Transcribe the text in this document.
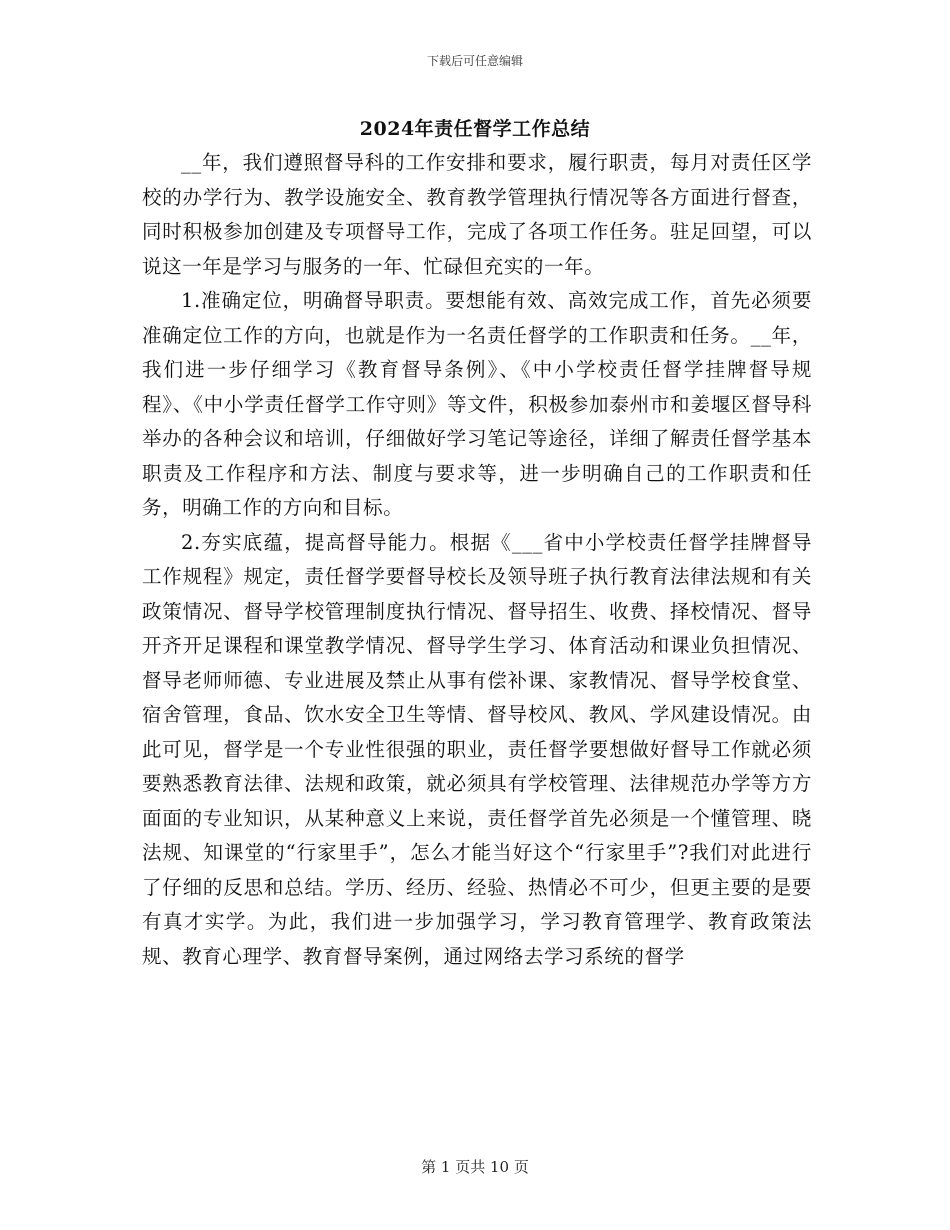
下载后可任意编辑
2024年责任督学工作总结

__年，我们遵照督导科的工作安排和要求，履行职责，每月对责任区学校的办学行为、教学设施安全、教育教学管理执行情况等各方面进行督查，同时积极参加创建及专项督导工作，完成了各项工作任务。驻足回望，可以说这一年是学习与服务的一年、忙碌但充实的一年。

1.准确定位，明确督导职责。要想能有效、高效完成工作，首先必须要准确定位工作的方向，也就是作为一名责任督学的工作职责和任务。__年，我们进一步仔细学习《教育督导条例》、《中小学校责任督学挂牌督导规程》、《中小学责任督学工作守则》等文件，积极参加泰州市和姜堰区督导科举办的各种会议和培训，仔细做好学习笔记等途径，详细了解责任督学基本职责及工作程序和方法、制度与要求等，进一步明确自己的工作职责和任务，明确工作的方向和目标。

2.夯实底蕴，提高督导能力。根据《___省中小学校责任督学挂牌督导工作规程》规定，责任督学要督导校长及领导班子执行教育法律法规和有关政策情况、督导学校管理制度执行情况、督导招生、收费、择校情况、督导开齐开足课程和课堂教学情况、督导学生学习、体育活动和课业负担情况、督导老师师德、专业进展及禁止从事有偿补课、家教情况、督导学校食堂、宿舍管理，食品、饮水安全卫生等情、督导校风、教风、学风建设情况。由此可见，督学是一个专业性很强的职业，责任督学要想做好督导工作就必须要熟悉教育法律、法规和政策，就必须具有学校管理、法律规范办学等方方面面的专业知识，从某种意义上来说，责任督学首先必须是一个懂管理、晓法规、知课堂的“行家里手”，怎么才能当好这个“行家里手”?我们对此进行了仔细的反思和总结。学历、经历、经验、热情必不可少，但更主要的是要有真才实学。为此，我们进一步加强学习，学习教育管理学、教育政策法规、教育心理学、教育督导案例，通过网络去学习系统的督学

第 1 页共 10 页
